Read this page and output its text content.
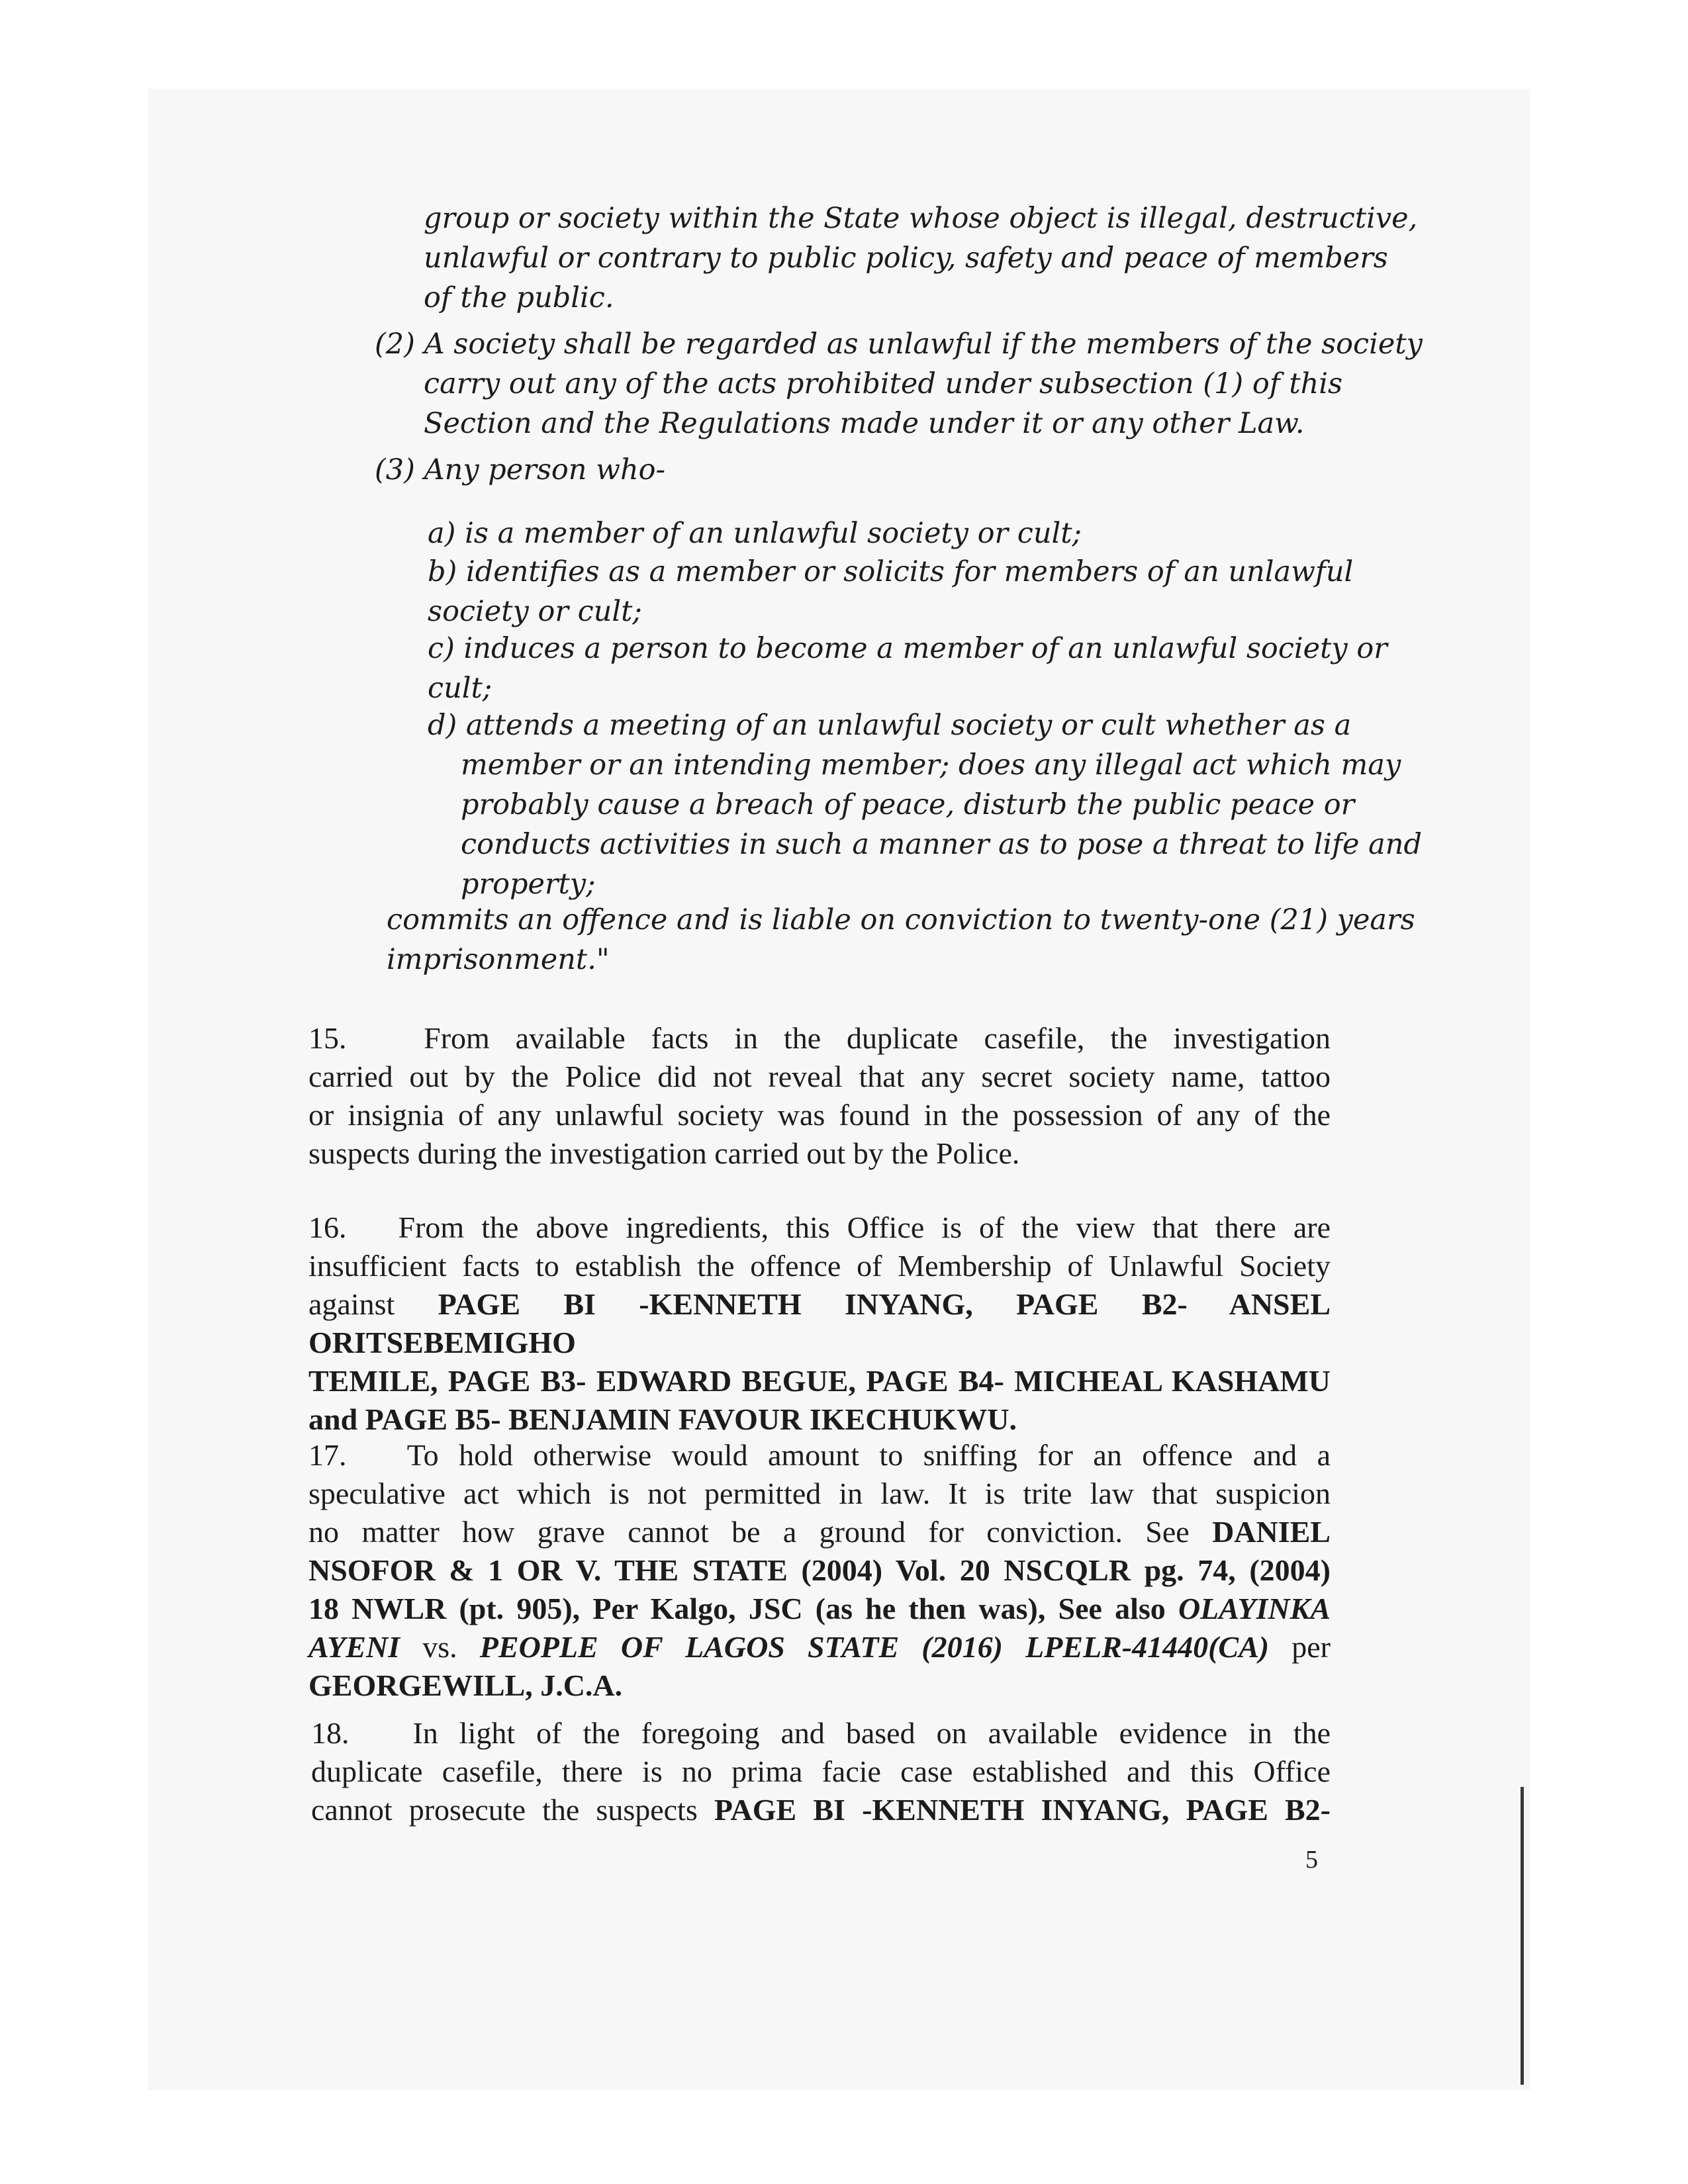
group or society within the State whose object is illegal, destructive,
unlawful or contrary to public policy, safety and peace of members
of the public.
(2) A society shall be regarded as unlawful if the members of the society
carry out any of the acts prohibited under subsection (1) of this
Section and the Regulations made under it or any other Law.
(3) Any person who-
a) is a member of an unlawful society or cult;
b) identifies as a member or solicits for members of an unlawful
society or cult;
c) induces a person to become a member of an unlawful society or
cult;
d) attends a meeting of an unlawful society or cult whether as a
member or an intending member; does any illegal act which may
probably cause a breach of peace, disturb the public peace or
conducts activities in such a manner as to pose a threat to life and
property;
commits an offence and is liable on conviction to twenty-one (21) years
imprisonment."
15.	From available facts in the duplicate casefile, the investigation
carried out by the Police did not reveal that any secret society name, tattoo
or insignia of any unlawful society was found in the possession of any of the
suspects during the investigation carried out by the Police.
16. From the above ingredients, this Office is of the view that there are
insufficient facts to establish the offence of Membership of Unlawful Society
against PAGE BI -KENNETH INYANG, PAGE B2- ANSEL ORITSEBEMIGHO
TEMILE, PAGE B3- EDWARD BEGUE, PAGE B4- MICHEAL KASHAMU
and PAGE B5- BENJAMIN FAVOUR IKECHUKWU.
17. To hold otherwise would amount to sniffing for an offence and a
speculative act which is not permitted in law. It is trite law that suspicion
no matter how grave cannot be a ground for conviction. See DANIEL
NSOFOR & 1 OR V. THE STATE (2004) Vol. 20 NSCQLR pg. 74, (2004)
18 NWLR (pt. 905), Per Kalgo, JSC (as he then was), See also OLAYINKA
AYENI vs. PEOPLE OF LAGOS STATE (2016) LPELR-41440(CA) per
GEORGEWILL, J.C.A.
18. In light of the foregoing and based on available evidence in the
duplicate casefile, there is no prima facie case established and this Office
cannot prosecute the suspects PAGE BI -KENNETH INYANG, PAGE B2-
5
